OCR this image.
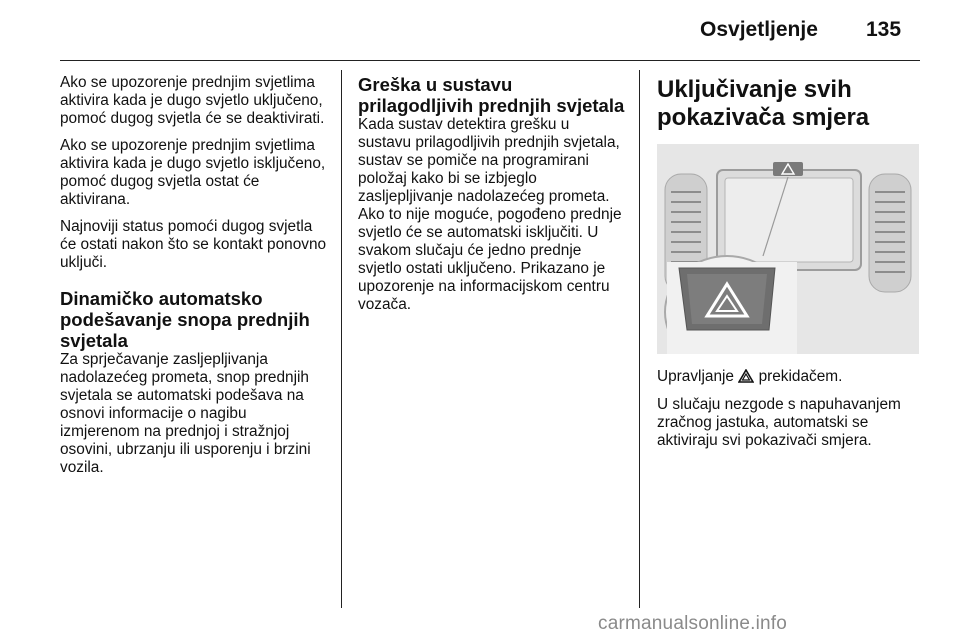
Osvjetljenje 135

Ako se upozorenje prednjim svjetlima aktivira kada je dugo svjetlo uključeno, pomoć dugog svjetla će se deaktivirati.

Ako se upozorenje prednjim svjetlima aktivira kada je dugo svjetlo isključeno, pomoć dugog svjetla ostat će aktivirana.

Najnoviji status pomoći dugog svjetla će ostati nakon što se kontakt ponovno uključi.

Dinamičko automatsko podešavanje snopa prednjih svjetala
Za sprječavanje zasljepljivanja nadolazećeg prometa, snop prednjih svjetala se automatski podešava na osnovi informacije o nagibu izmjerenom na prednjoj i stražnjoj osovini, ubrzanju ili usporenju i brzini vozila.
Greška u sustavu prilagodljivih prednjih svjetala
Kada sustav detektira grešku u sustavu prilagodljivih prednjih svjetala, sustav se pomiče na programirani položaj kako bi se izbjeglo zasljepljivanje nadolazećeg prometa. Ako to nije moguće, pogođeno prednje svjetlo će se automatski isključiti. U svakom slučaju će jedno prednje svjetlo ostati uključeno. Prikazano je upozorenje na informacijskom centru vozača.
Uključivanje svih pokazivača smjera

Upravljanje prekidačem.

U slučaju nezgode s napuhavanjem zračnog jastuka, automatski se aktiviraju svi pokazivači smjera.

carmanualsonline.info
